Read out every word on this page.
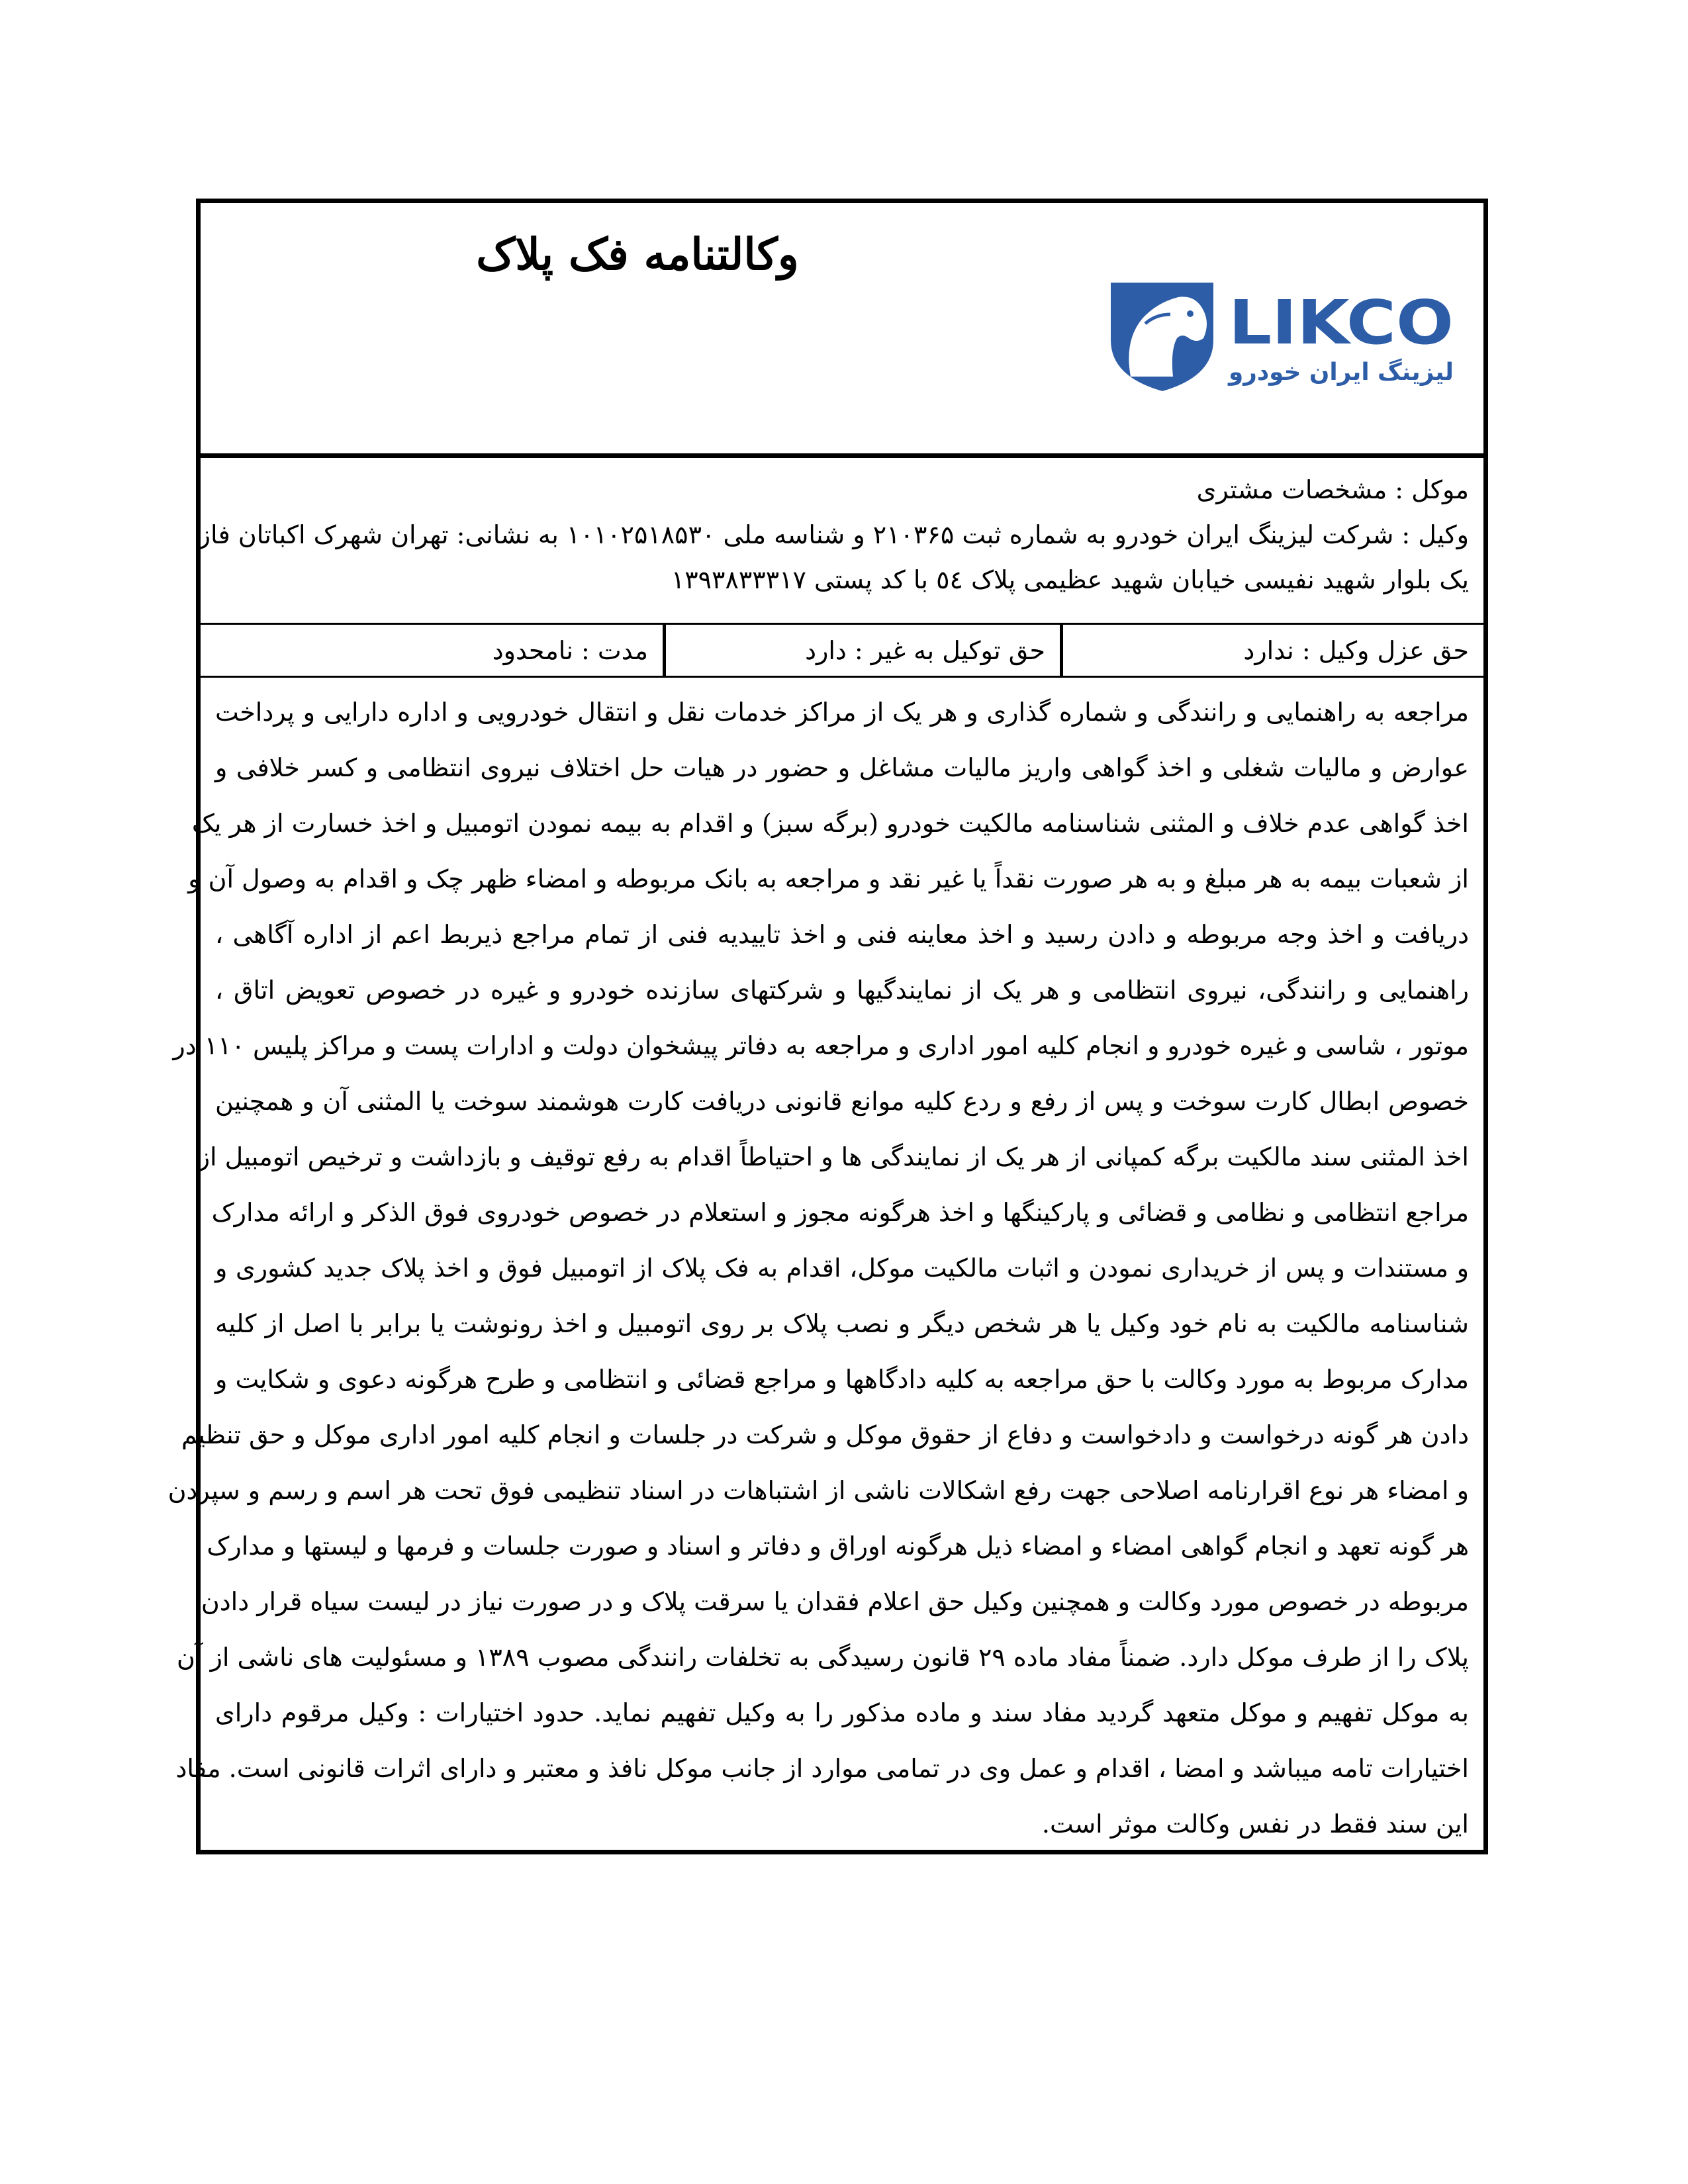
وکالتنامه فک پلاک
LIKCO
لیزینگ ایران خودرو
موکل : مشخصات مشتری
وکیل : شرکت لیزینگ ایران خودرو به شماره ثبت ۲۱۰۳۶۵ و شناسه ملی ۱۰۱۰۲۵۱۸۵۳۰ به نشانی: تهران شهرک اکباتان فاز
یک بلوار شهید نفیسی خیابان شهید عظیمی پلاک ٥٤ با کد پستی ۱۳۹۳۸۳۳۳۱۷
حق عزل وکیل : ندارد
حق توکیل به غیر : دارد
مدت : نامحدود
مراجعه به راهنمایی و رانندگی و شماره گذاری و هر یک از مراکز خدمات نقل و انتقال خودرویی و اداره دارایی و پرداخت
عوارض و مالیات شغلی و اخذ گواهی واریز مالیات مشاغل و حضور در هیات حل اختلاف نیروی انتظامی و کسر خلافی و
اخذ گواهی عدم خلاف و المثنی شناسنامه مالکیت خودرو (برگه سبز) و اقدام به بیمه نمودن اتومبیل و اخذ خسارت از هر یک
از شعبات بیمه به هر مبلغ و به هر صورت نقداً یا غیر نقد و مراجعه به بانک مربوطه و امضاء ظهر چک و اقدام به وصول آن و
دریافت و اخذ وجه مربوطه و دادن رسید و اخذ معاینه فنی و اخذ تاییدیه فنی از تمام مراجع ذیربط اعم از اداره آگاهی ،
راهنمایی و رانندگی، نیروی انتظامی و هر یک از نمایندگیها و شرکتهای سازنده خودرو و غیره در خصوص تعویض اتاق ،
موتور ، شاسی و غیره خودرو و انجام کلیه امور اداری و مراجعه به دفاتر پیشخوان دولت و ادارات پست و مراکز پلیس ۱۱۰ در
خصوص ابطال کارت سوخت و پس از رفع و ردع کلیه موانع قانونی دریافت کارت هوشمند سوخت یا المثنی آن و همچنین
اخذ المثنی سند مالکیت برگه کمپانی از هر یک از نمایندگی ها و احتیاطاً اقدام به رفع توقیف و بازداشت و ترخیص اتومبیل از
مراجع انتظامی و نظامی و قضائی و پارکینگها و اخذ هرگونه مجوز و استعلام در خصوص خودروی فوق الذکر و ارائه مدارک
و مستندات و پس از خریداری نمودن و اثبات مالکیت موکل، اقدام به فک پلاک از اتومبیل فوق و اخذ پلاک جدید کشوری و
شناسنامه مالکیت به نام خود وکیل یا هر شخص دیگر و نصب پلاک بر روی اتومبیل و اخذ رونوشت یا برابر با اصل از کلیه
مدارک مربوط به مورد وکالت با حق مراجعه به کلیه دادگاهها و مراجع قضائی و انتظامی و طرح هرگونه دعوی و شکایت و
دادن هر گونه درخواست و دادخواست و دفاع از حقوق موکل و شرکت در جلسات و انجام کلیه امور اداری موکل و حق تنظیم
و امضاء هر نوع اقرارنامه اصلاحی جهت رفع اشکالات ناشی از اشتباهات در اسناد تنظیمی فوق تحت هر اسم و رسم و سپردن
هر گونه تعهد و انجام گواهی امضاء و امضاء ذیل هرگونه اوراق و دفاتر و اسناد و صورت جلسات و فرمها و لیستها و مدارک
مربوطه در خصوص مورد وکالت و همچنین وکیل حق اعلام فقدان یا سرقت پلاک و در صورت نیاز در لیست سیاه قرار دادن
پلاک را از طرف موکل دارد. ضمناً مفاد ماده ۲۹ قانون رسیدگی به تخلفات رانندگی مصوب ۱۳۸۹ و مسئولیت های ناشی از آن
به موکل تفهیم و موکل متعهد گردید مفاد سند و ماده مذکور را به وکیل تفهیم نماید. حدود اختیارات : وکیل مرقوم دارای
اختیارات تامه میباشد و امضا ، اقدام و عمل وی در تمامی موارد از جانب موکل نافذ و معتبر و دارای اثرات قانونی است. مفاد
این سند فقط در نفس وکالت موثر است.
